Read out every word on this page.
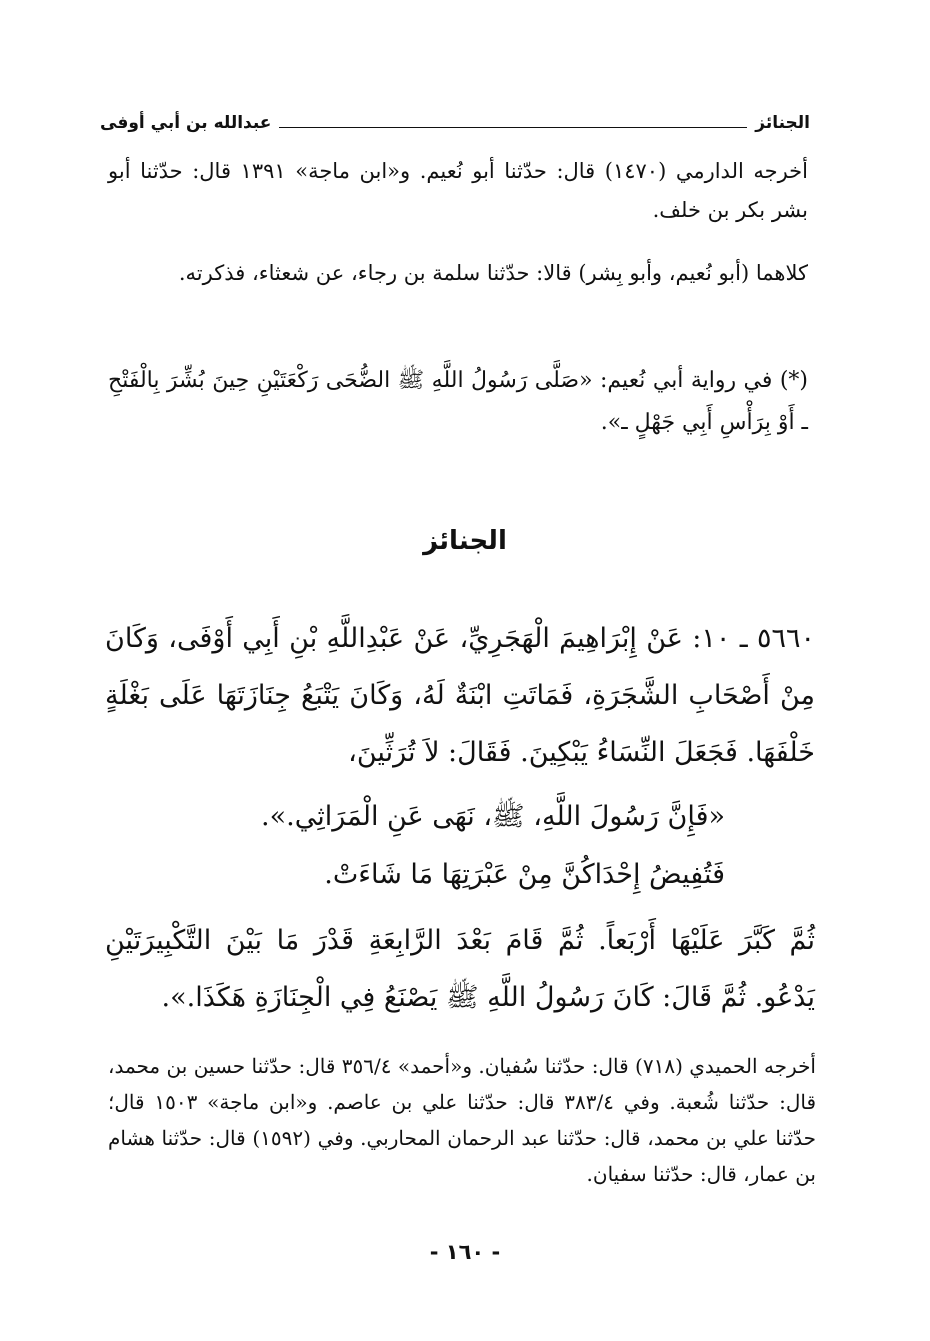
الجنائز
عبدالله بن أبي أوفى
أخرجه الدارمي (١٤٧٠) قال: حدّثنا أبو نُعيم. و«ابن ماجة» ١٣٩١ قال: حدّثنا أبو بشر بكر بن خلف.
كلاهما (أبو نُعيم، وأبو بِشر) قالا: حدّثنا سلمة بن رجاء، عن شعثاء، فذكرته.
(*) في رواية أبي نُعيم: «صَلَّى رَسُولُ اللَّهِ ﷺ الضُّحَى رَكْعَتَيْنِ حِينَ بُشِّرَ بِالْفَتْحِ ـ أَوْ بِرَأْسِ أَبِي جَهْلٍ ـ».
الجنائز
٥٦٦٠ ـ ١٠: عَنْ إِبْرَاهِيمَ الْهَجَرِيِّ، عَنْ عَبْدِاللَّهِ بْنِ أَبِي أَوْفَى، وَكَانَ مِنْ أَصْحَابِ الشَّجَرَةِ، فَمَاتَتِ ابْنَةٌ لَهُ، وَكَانَ يَتْبَعُ جِنَازَتَهَا عَلَى بَغْلَةٍ خَلْفَهَا. فَجَعَلَ النِّسَاءُ يَبْكِينَ. فَقَالَ: لاَ تُرَثِّينَ،
«فَإِنَّ رَسُولَ اللَّهِ، ﷺ، نَهَى عَنِ الْمَرَاثِي.».
فَتُفِيضُ إِحْدَاكُنَّ مِنْ عَبْرَتِهَا مَا شَاءَتْ.
ثُمَّ كَبَّرَ عَلَيْهَا أَرْبَعاً. ثُمَّ قَامَ بَعْدَ الرَّابِعَةِ قَدْرَ مَا بَيْنَ التَّكْبِيرَتَيْنِ يَدْعُو. ثُمَّ قَالَ: كَانَ رَسُولُ اللَّهِ ﷺ يَصْنَعُ فِي الْجِنَازَةِ هَكَذَا.».
أخرجه الحميدي (٧١٨) قال: حدّثنا سُفيان. و«أحمد» ٣٥٦/٤ قال: حدّثنا حسين بن محمد، قال: حدّثنا شُعبة. وفي ٣٨٣/٤ قال: حدّثنا علي بن عاصم. و«ابن ماجة» ١٥٠٣ قال؛ حدّثنا علي بن محمد، قال: حدّثنا عبد الرحمان المحاربي. وفي (١٥٩٢) قال: حدّثنا هشام بن عمار، قال: حدّثنا سفيان.
- ١٦٠ -
